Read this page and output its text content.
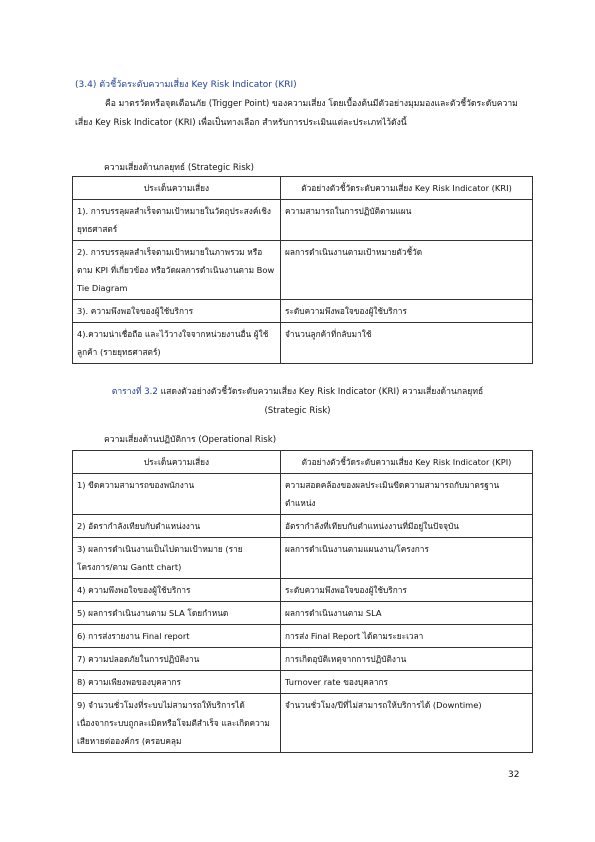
(3.4) ตัวชี้วัดระดับความเสี่ยง Key Risk Indicator (KRI)
คือ มาตรวัดหรือจุดเตือนภัย (Trigger Point) ของความเสี่ยง โดยเบื้องต้นมีตัวอย่างมุมมองและตัวชี้วัดระดับความเสี่ยง Key Risk Indicator (KRI) เพื่อเป็นทางเลือก สำหรับการประเมินแต่ละประเภทไว้ดังนี้
ความเสี่ยงด้านกลยุทธ์ (Strategic Risk)
ประเด็นความเสี่ยง	ตัวอย่างตัวชี้วัดระดับความเสี่ยง Key Risk Indicator (KRI)
1). การบรรลุผลสำเร็จตามเป้าหมายในวัตถุประสงค์เชิงยุทธศาสตร์	ความสามารถในการปฏิบัติตามแผน
2). การบรรลุผลสำเร็จตามเป้าหมายในภาพรวม หรือตาม KPI ที่เกี่ยวข้อง หรือวัดผลการดำเนินงานตาม Bow Tie Diagram	ผลการดำเนินงานตามเป้าหมายตัวชี้วัด
3). ความพึงพอใจของผู้ใช้บริการ	ระดับความพึงพอใจของผู้ใช้บริการ
4).ความน่าเชื่อถือ และไว้วางใจจากหน่วยงานอื่น ผู้ใช้ ลูกค้า (รายยุทธศาสตร์)	จำนวนลูกค้าที่กลับมาใช้
ตารางที่ 3.2 แสดงตัวอย่างตัวชี้วัดระดับความเสี่ยง Key Risk Indicator (KRI) ความเสี่ยงด้านกลยุทธ์
(Strategic Risk)
ความเสี่ยงด้านปฏิบัติการ (Operational Risk)
ประเด็นความเสี่ยง	ตัวอย่างตัวชี้วัดระดับความเสี่ยง Key Risk Indicator (KPI)
1) ขีดความสามารถของพนักงาน	ความสอดคล้องของผลประเมินขีดความสามารถกับมาตรฐานตำแหน่ง
2) อัตรากำลังเทียบกับตำแหน่งงาน	อัตรากำลังที่เทียบกับตำแหน่งงานที่มีอยู่ในปัจจุบัน
3) ผลการดำเนินงานเป็นไปตามเป้าหมาย (รายโครงการ/ตาม Gantt chart)	ผลการดำเนินงานตามแผนงาน/โครงการ
4) ความพึงพอใจของผู้ใช้บริการ	ระดับความพึงพอใจของผู้ใช้บริการ
5) ผลการดำเนินงานตาม SLA โดยกำหนด	ผลการดำเนินงานตาม SLA
6) การส่งรายงาน Final report	การส่ง Final Report ได้ตามระยะเวลา
7) ความปลอดภัยในการปฏิบัติงาน	การเกิดอุบัติเหตุจากการปฏิบัติงาน
8) ความเพียงพอของบุคลากร	Turnover rate ของบุคลากร
9) จำนวนชั่วโมงที่ระบบไม่สามารถให้บริการได้เนื่องจากระบบถูกละเมิดหรือโจมตีสำเร็จ และเกิดความเสียหายต่อองค์กร (ครอบคลุม	จำนวนชั่วโมง/ปีที่ไม่สามารถให้บริการได้ (Downtime)
32
